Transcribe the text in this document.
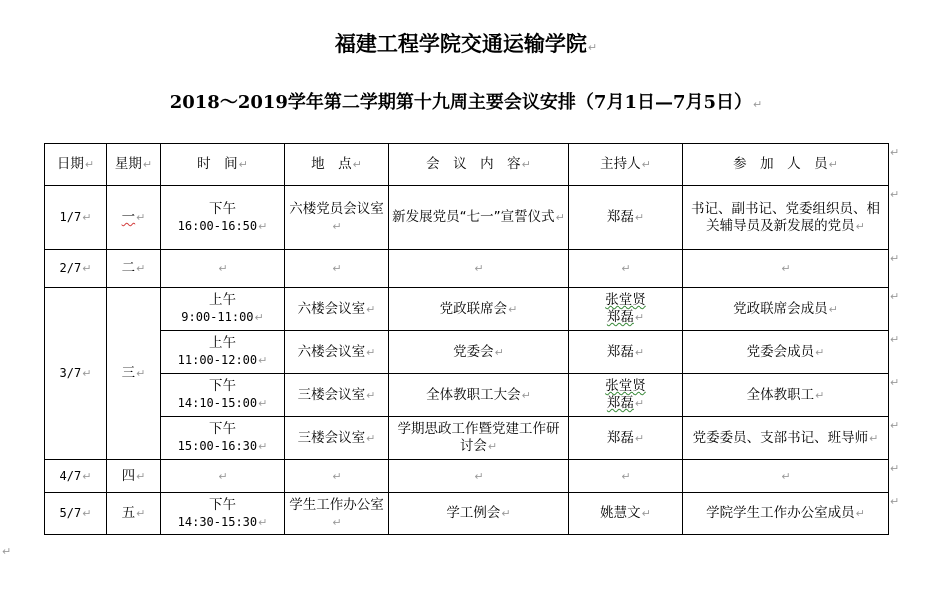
福建工程学院交通运输学院↵
2018～2019学年第二学期第十九周主要会议安排（7月1日—7月5日）↵
日期↵	星期↵	时　间↵	地　点↵	会　议　内　容↵	主持人↵	参　加　人　员↵
1/7↵	一↵	下午
16:00-16:50↵	六楼党员会议室↵	新发展党员“七一”宣誓仪式↵	郑磊↵	书记、副书记、党委组织员、相关辅导员及新发展的党员↵
2/7↵	二↵	↵	↵	↵	↵	↵
3/7↵	三↵	上午
9:00-11:00↵	六楼会议室↵	党政联席会↵	张堂贤
郑磊↵	党政联席会成员↵
		上午
11:00-12:00↵	六楼会议室↵	党委会↵	郑磊↵	党委会成员↵
		下午
14:10-15:00↵	三楼会议室↵	全体教职工大会↵	张堂贤
郑磊↵	全体教职工↵
		下午
15:00-16:30↵	三楼会议室↵	学期思政工作暨党建工作研讨会↵	郑磊↵	党委委员、支部书记、班导师↵
4/7↵	四↵	↵	↵	↵	↵	↵
5/7↵	五↵	下午
14:30-15:30↵	学生工作办公室↵	学工例会↵	姚慧文↵	学院学生工作办公室成员↵
↵
↵
↵
↵
↵
↵
↵
↵
↵
↵
